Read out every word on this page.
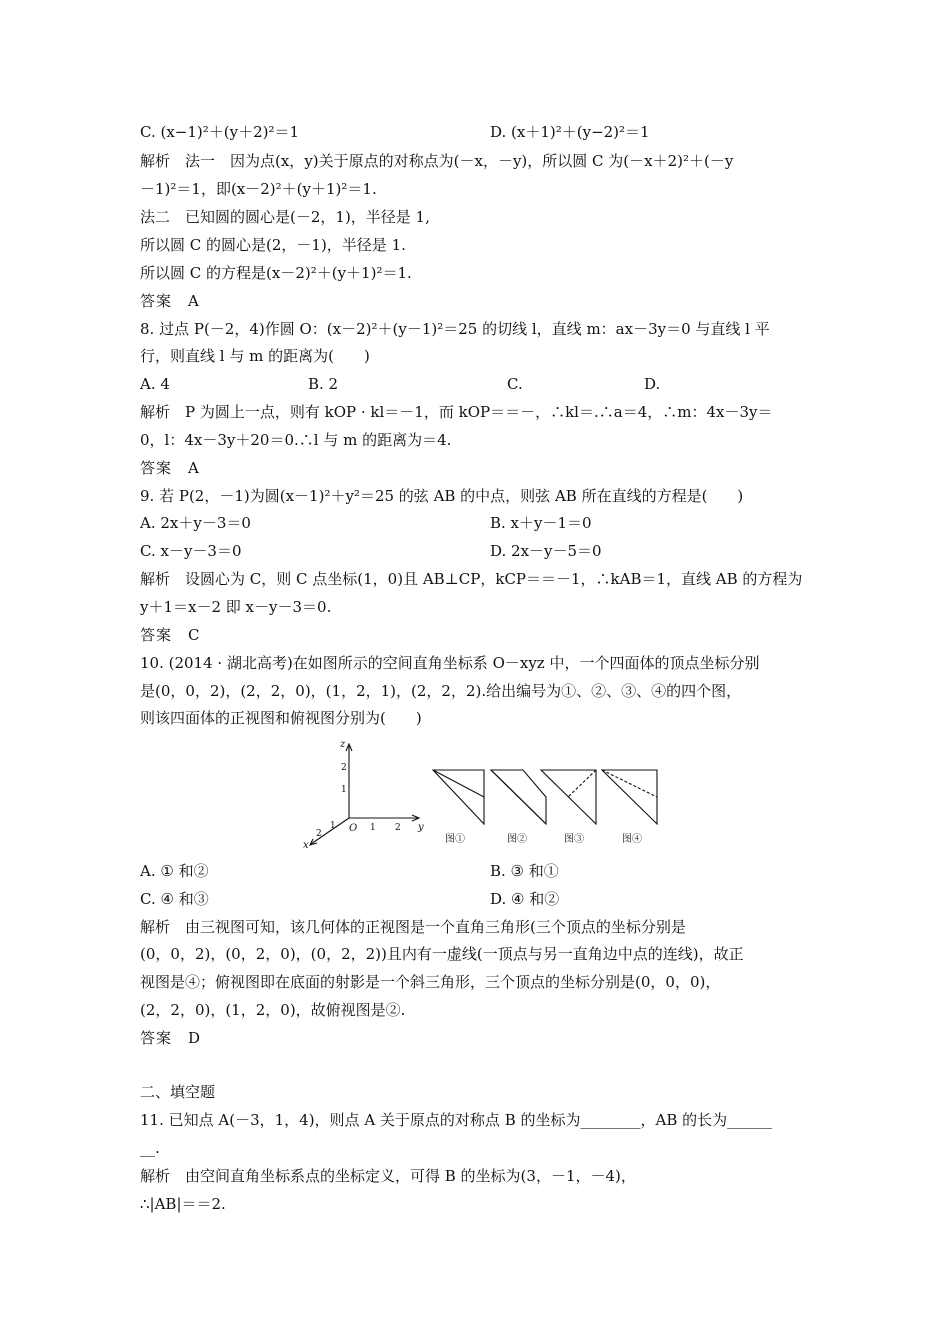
C. (x−1)²＋(y＋2)²＝1	D. (x＋1)²＋(y−2)²＝1
解析　法一　因为点(x，y)关于原点的对称点为(－x，－y)，所以圆 C 为(－x＋2)²＋(－y
－1)²＝1，即(x－2)²＋(y＋1)²＝1.
法二　已知圆的圆心是(－2，1)，半径是 1,
所以圆 C 的圆心是(2，－1)，半径是 1.
所以圆 C 的方程是(x－2)²＋(y＋1)²＝1.
答案　A
8. 过点 P(－2，4)作圆 O：(x－2)²＋(y－1)²＝25 的切线 l，直线 m：ax－3y＝0 与直线 l 平
行，则直线 l 与 m 的距离为(　　)
A. 4	B. 2	C.	D.
解析　P 为圆上一点，则有 kOP · kl＝－1，而 kOP＝＝－，∴kl＝.∴a＝4，∴m：4x－3y＝
0，l：4x－3y＋20＝0.∴l 与 m 的距离为＝4.
答案　A
9. 若 P(2，－1)为圆(x－1)²＋y²＝25 的弦 AB 的中点，则弦 AB 所在直线的方程是(　　)
A. 2x＋y－3＝0	B. x＋y－1＝0
C. x－y－3＝0	D. 2x－y－5＝0
解析　设圆心为 C，则 C 点坐标(1，0)且 AB⊥CP，kCP＝＝－1，∴kAB＝1，直线 AB 的方程为
y＋1＝x－2 即 x－y－3＝0.
答案　C
10. (2014 · 湖北高考)在如图所示的空间直角坐标系 O－xyz 中，一个四面体的顶点坐标分别
是(0，0，2)，(2，2，0)，(1，2，1)，(2，2，2).给出编号为①、②、③、④的四个图，
则该四面体的正视图和俯视图分别为(　　)
z
y
x
O
2
1
1 2
1
2	图①	图②	图③	图④
A. ① 和②	B. ③ 和①
C. ④ 和③	D. ④ 和②
解析　由三视图可知，该几何体的正视图是一个直角三角形(三个顶点的坐标分别是
(0，0，2)，(0，2，0)，(0，2，2))且内有一虚线(一顶点与另一直角边中点的连线)，故正
视图是④；俯视图即在底面的射影是一个斜三角形，三个顶点的坐标分别是(0，0，0)，
(2，2，0)，(1，2，0)，故俯视图是②.
答案　D
二、填空题
11. 已知点 A(－3，1，4)，则点 A 关于原点的对称点 B 的坐标为________，AB 的长为______
__.
解析　由空间直角坐标系点的坐标定义，可得 B 的坐标为(3，－1，－4)，
∴|AB|＝＝2.
